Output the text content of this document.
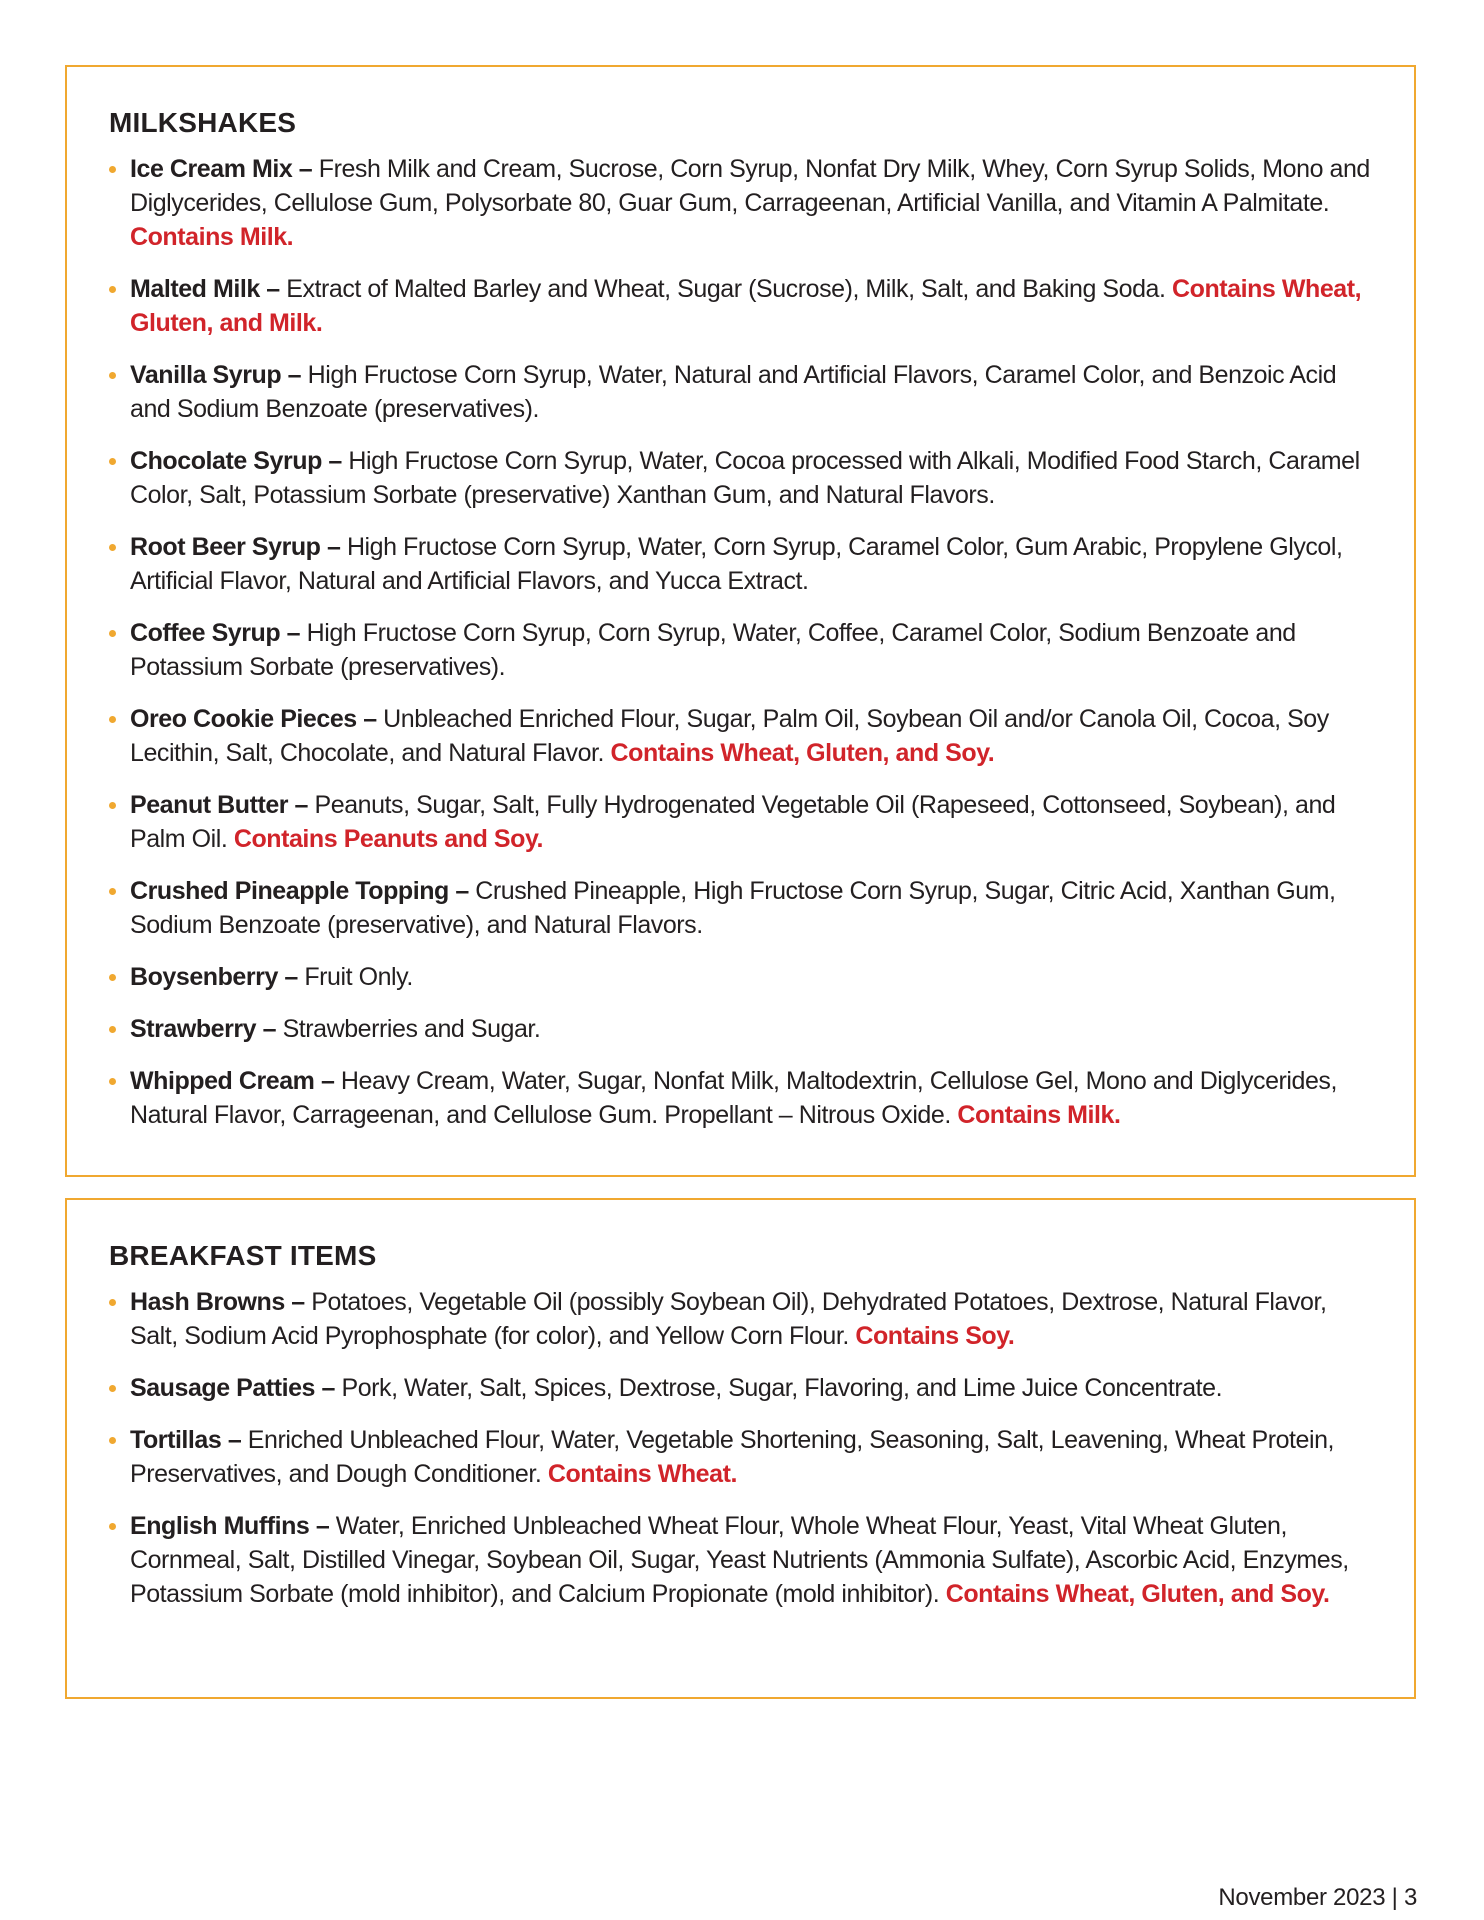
MILKSHAKES
Ice Cream Mix – Fresh Milk and Cream, Sucrose, Corn Syrup, Nonfat Dry Milk, Whey, Corn Syrup Solids, Mono and Diglycerides, Cellulose Gum, Polysorbate 80, Guar Gum, Carrageenan, Artificial Vanilla, and Vitamin A Palmitate. Contains Milk.
Malted Milk – Extract of Malted Barley and Wheat, Sugar (Sucrose), Milk, Salt, and Baking Soda. Contains Wheat, Gluten, and Milk.
Vanilla Syrup – High Fructose Corn Syrup, Water, Natural and Artificial Flavors, Caramel Color, and Benzoic Acid and Sodium Benzoate (preservatives).
Chocolate Syrup – High Fructose Corn Syrup, Water, Cocoa processed with Alkali, Modified Food Starch, Caramel Color, Salt, Potassium Sorbate (preservative) Xanthan Gum, and Natural Flavors.
Root Beer Syrup – High Fructose Corn Syrup, Water, Corn Syrup, Caramel Color, Gum Arabic, Propylene Glycol, Artificial Flavor, Natural and Artificial Flavors, and Yucca Extract.
Coffee Syrup – High Fructose Corn Syrup, Corn Syrup, Water, Coffee, Caramel Color, Sodium Benzoate and Potassium Sorbate (preservatives).
Oreo Cookie Pieces – Unbleached Enriched Flour, Sugar, Palm Oil, Soybean Oil and/or Canola Oil, Cocoa, Soy Lecithin, Salt, Chocolate, and Natural Flavor. Contains Wheat, Gluten, and Soy.
Peanut Butter – Peanuts, Sugar, Salt, Fully Hydrogenated Vegetable Oil (Rapeseed, Cottonseed, Soybean), and Palm Oil. Contains Peanuts and Soy.
Crushed Pineapple Topping – Crushed Pineapple, High Fructose Corn Syrup, Sugar, Citric Acid, Xanthan Gum, Sodium Benzoate (preservative), and Natural Flavors.
Boysenberry – Fruit Only.
Strawberry – Strawberries and Sugar.
Whipped Cream – Heavy Cream, Water, Sugar, Nonfat Milk, Maltodextrin, Cellulose Gel, Mono and Diglycerides, Natural Flavor, Carrageenan, and Cellulose Gum. Propellant – Nitrous Oxide. Contains Milk.
BREAKFAST ITEMS
Hash Browns – Potatoes, Vegetable Oil (possibly Soybean Oil), Dehydrated Potatoes, Dextrose, Natural Flavor, Salt, Sodium Acid Pyrophosphate (for color), and Yellow Corn Flour. Contains Soy.
Sausage Patties – Pork, Water, Salt, Spices, Dextrose, Sugar, Flavoring, and Lime Juice Concentrate.
Tortillas – Enriched Unbleached Flour, Water, Vegetable Shortening, Seasoning, Salt, Leavening, Wheat Protein, Preservatives, and Dough Conditioner. Contains Wheat.
English Muffins – Water, Enriched Unbleached Wheat Flour, Whole Wheat Flour, Yeast, Vital Wheat Gluten, Cornmeal, Salt, Distilled Vinegar, Soybean Oil, Sugar, Yeast Nutrients (Ammonia Sulfate), Ascorbic Acid, Enzymes, Potassium Sorbate (mold inhibitor), and Calcium Propionate (mold inhibitor). Contains Wheat, Gluten, and Soy.
November 2023 | 3
